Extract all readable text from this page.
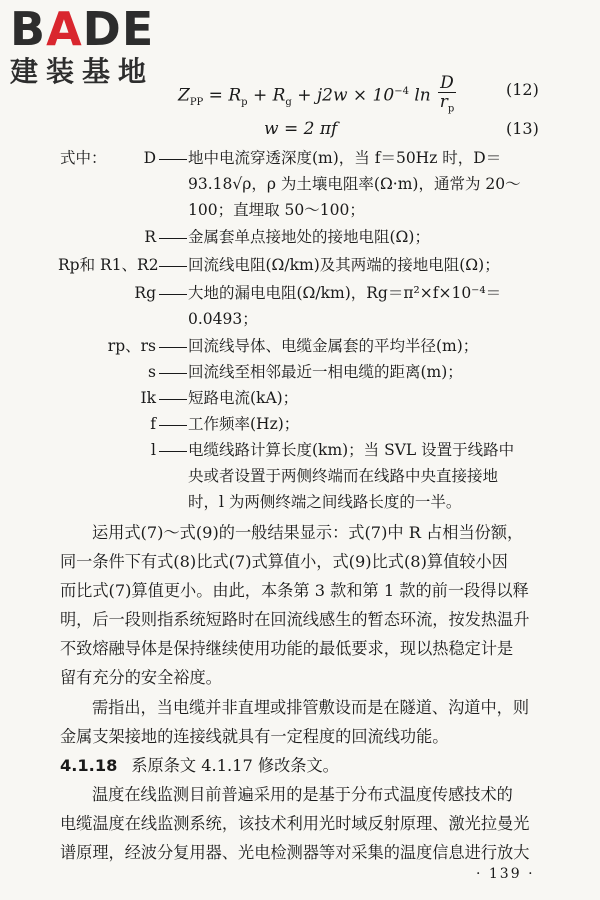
BADE
建装基地
$Z_{PP} = R_p + R_g + j2w \times 10^{-4}$ $\ln \frac{D}{r_p}$	(12)
w = 2 πf	(13)
式中： D	地中电流穿透深度(m)，当 f＝50Hz 时，D＝
93.18√ρ，ρ 为土壤电阻率(Ω·m)，通常为 20～
100；直埋取 50～100；
R	金属套单点接地处的接地电阻(Ω)；
Rp和 R1、R2	回流线电阻(Ω/km)及其两端的接地电阻(Ω)；
Rg	大地的漏电电阻(Ω/km)，Rg＝π²×f×10⁻⁴＝
0.0493；
rp、rs	回流线导体、电缆金属套的平均半径(m)；
s	回流线至相邻最近一相电缆的距离(m)；
Ik	短路电流(kA)；
f	工作频率(Hz)；
l	电缆线路计算长度(km)；当 SVL 设置于线路中
央或者设置于两侧终端而在线路中央直接接地
时，l 为两侧终端之间线路长度的一半。
运用式(7)～式(9)的一般结果显示：式(7)中 R 占相当份额，
同一条件下有式(8)比式(7)式算值小，式(9)比式(8)算值较小因
而比式(7)算值更小。由此，本条第 3 款和第 1 款的前一段得以释
明，后一段则指系统短路时在回流线感生的暂态环流，按发热温升
不致熔融导体是保持继续使用功能的最低要求，现以热稳定计是
留有充分的安全裕度。
需指出，当电缆并非直埋或排管敷设而是在隧道、沟道中，则
金属支架接地的连接线就具有一定程度的回流线功能。
4.1.18 系原条文 4.1.17 修改条文。
温度在线监测目前普遍采用的是基于分布式温度传感技术的
电缆温度在线监测系统，该技术利用光时域反射原理、激光拉曼光
谱原理，经波分复用器、光电检测器等对采集的温度信息进行放大
· 139 ·
